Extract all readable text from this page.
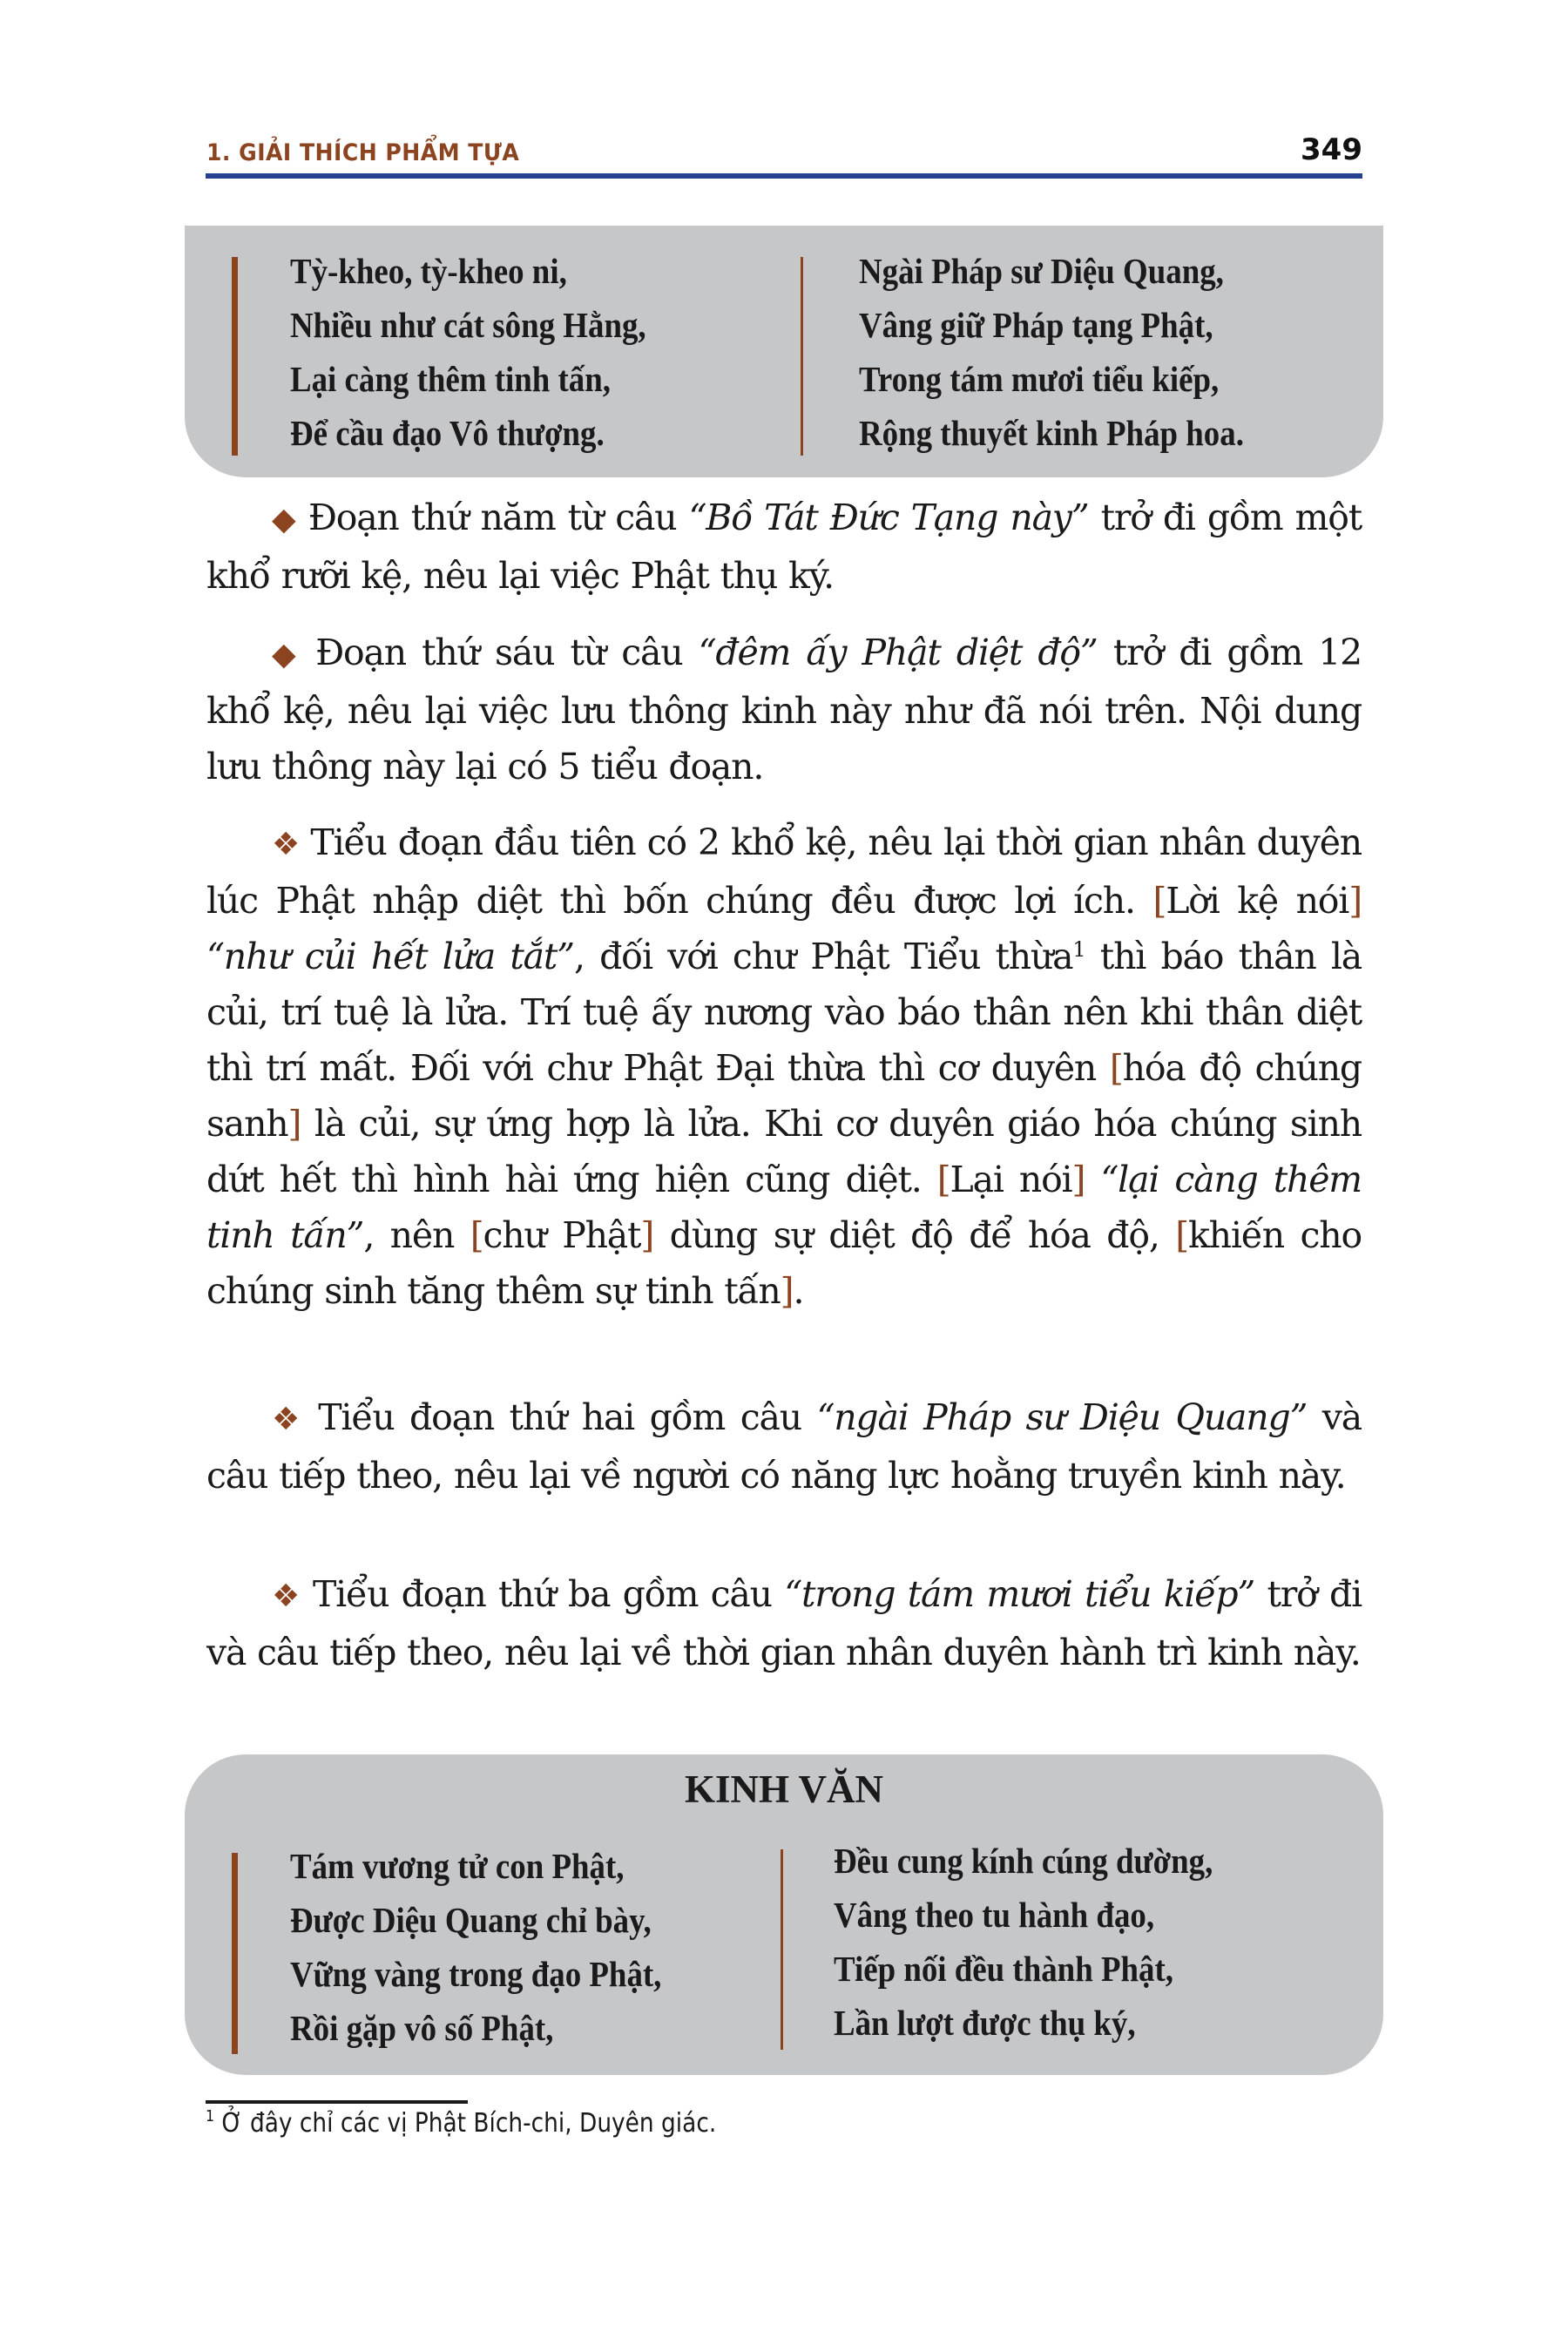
1. GIẢI THÍCH PHẨM TỰA	349
Tỳ-kheo, tỳ-kheo ni,
Nhiều như cát sông Hằng,
Lại càng thêm tinh tấn,
Để cầu đạo Vô thượng.
Ngài Pháp sư Diệu Quang,
Vâng giữ Pháp tạng Phật,
Trong tám mươi tiểu kiếp,
Rộng thuyết kinh Pháp hoa.

◆ Đoạn thứ năm từ câu “Bồ Tát Đức Tạng này” trở đi gồm một khổ rưỡi kệ, nêu lại việc Phật thụ ký.

◆ Đoạn thứ sáu từ câu “đêm ấy Phật diệt độ” trở đi gồm 12 khổ kệ, nêu lại việc lưu thông kinh này như đã nói trên. Nội dung lưu thông này lại có 5 tiểu đoạn.

❖ Tiểu đoạn đầu tiên có 2 khổ kệ, nêu lại thời gian nhân duyên lúc Phật nhập diệt thì bốn chúng đều được lợi ích. [Lời kệ nói] “như củi hết lửa tắt”, đối với chư Phật Tiểu thừa$^1$ thì báo thân là củi, trí tuệ là lửa. Trí tuệ ấy nương vào báo thân nên khi thân diệt thì trí mất. Đối với chư Phật Đại thừa thì cơ duyên [hóa độ chúng sanh] là củi, sự ứng hợp là lửa. Khi cơ duyên giáo hóa chúng sinh dứt hết thì hình hài ứng hiện cũng diệt. [Lại nói] “lại càng thêm tinh tấn”, nên [chư Phật] dùng sự diệt độ để hóa độ, [khiến cho chúng sinh tăng thêm sự tinh tấn].

❖ Tiểu đoạn thứ hai gồm câu “ngài Pháp sư Diệu Quang” và câu tiếp theo, nêu lại về người có năng lực hoằng truyền kinh này.

❖ Tiểu đoạn thứ ba gồm câu “trong tám mươi tiểu kiếp” trở đi và câu tiếp theo, nêu lại về thời gian nhân duyên hành trì kinh này.

KINH VĂN
Tám vương tử con Phật,
Được Diệu Quang chỉ bày,
Vững vàng trong đạo Phật,
Rồi gặp vô số Phật,
Đều cung kính cúng dường,
Vâng theo tu hành đạo,
Tiếp nối đều thành Phật,
Lần lượt được thụ ký,
$^1$ Ở đây chỉ các vị Phật Bích-chi, Duyên giác.
